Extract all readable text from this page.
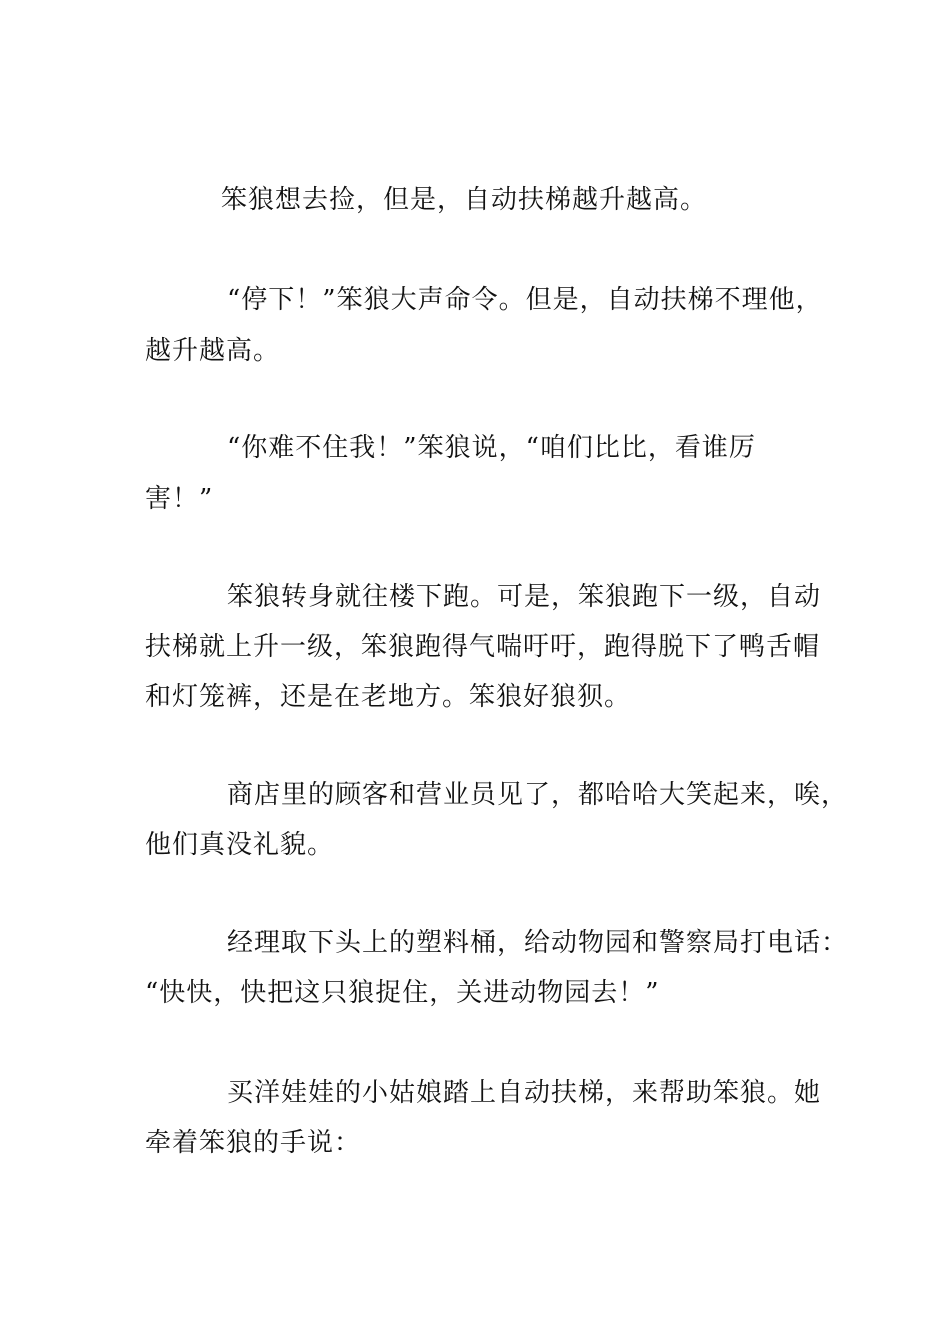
笨狼想去捡，但是，自动扶梯越升越高。
“停下！”笨狼大声命令。但是，自动扶梯不理他，
越升越高。
“你难不住我！”笨狼说，“咱们比比，看谁厉
害！”
笨狼转身就往楼下跑。可是，笨狼跑下一级，自动
扶梯就上升一级，笨狼跑得气喘吁吁，跑得脱下了鸭舌帽
和灯笼裤，还是在老地方。笨狼好狼狈。
商店里的顾客和营业员见了，都哈哈大笑起来，唉，
他们真没礼貌。
经理取下头上的塑料桶，给动物园和警察局打电话：
“快快，快把这只狼捉住，关进动物园去！”
买洋娃娃的小姑娘踏上自动扶梯，来帮助笨狼。她
牵着笨狼的手说：
